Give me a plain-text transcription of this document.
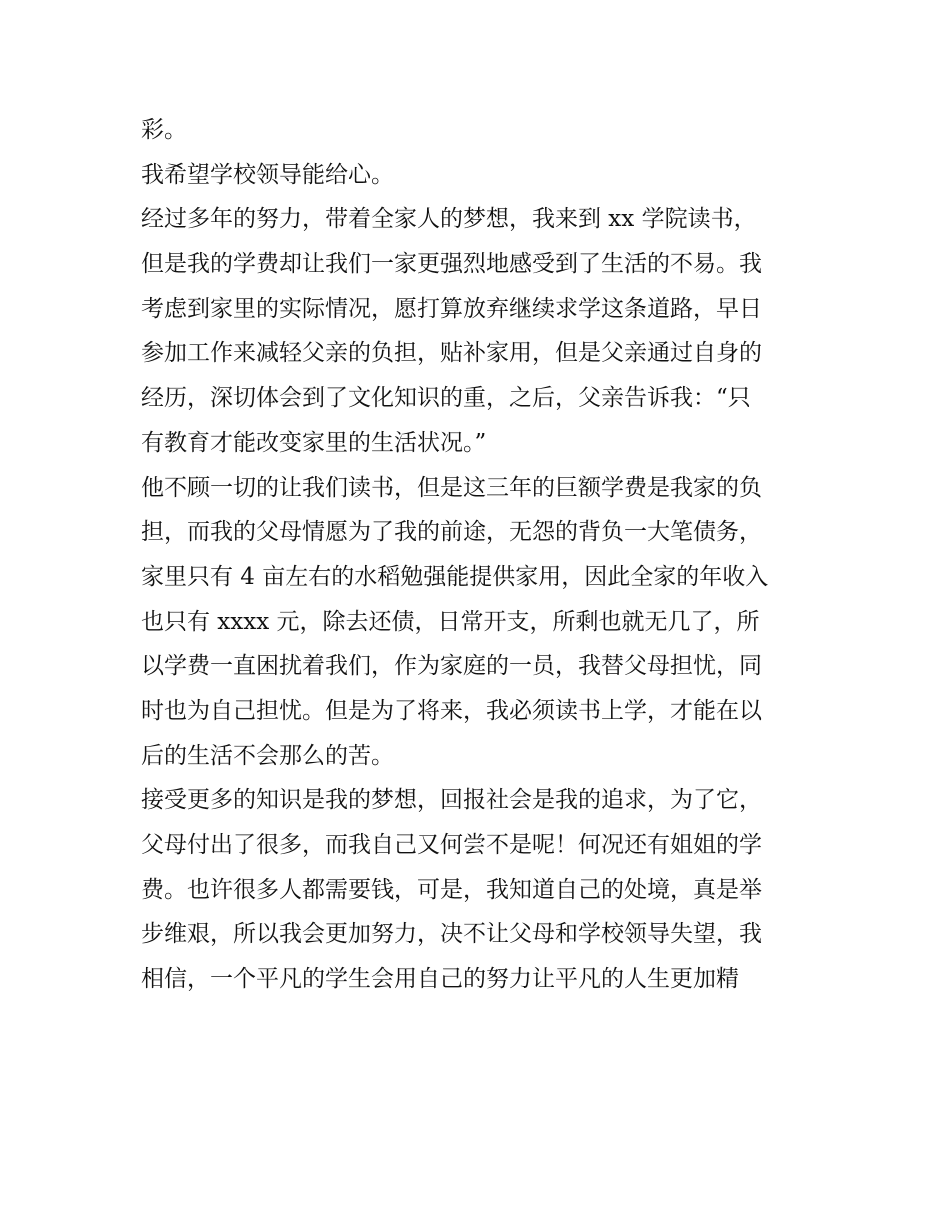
彩。
我希望学校领导能给心。
经过多年的努力，带着全家人的梦想，我来到 xx 学院读书，
但是我的学费却让我们一家更强烈地感受到了生活的不易。我
考虑到家里的实际情况，愿打算放弃继续求学这条道路，早日
参加工作来减轻父亲的负担，贴补家用，但是父亲通过自身的
经历，深切体会到了文化知识的重，之后，父亲告诉我：“只
有教育才能改变家里的生活状况。”
他不顾一切的让我们读书，但是这三年的巨额学费是我家的负
担，而我的父母情愿为了我的前途，无怨的背负一大笔债务，
家里只有 4 亩左右的水稻勉强能提供家用，因此全家的年收入
也只有 xxxx 元，除去还债，日常开支，所剩也就无几了，所
以学费一直困扰着我们，作为家庭的一员，我替父母担忧，同
时也为自己担忧。但是为了将来，我必须读书上学，才能在以
后的生活不会那么的苦。
接受更多的知识是我的梦想，回报社会是我的追求，为了它，
父母付出了很多，而我自己又何尝不是呢！何况还有姐姐的学
费。也许很多人都需要钱，可是，我知道自己的处境，真是举
步维艰，所以我会更加努力，决不让父母和学校领导失望，我
相信，一个平凡的学生会用自己的努力让平凡的人生更加精
